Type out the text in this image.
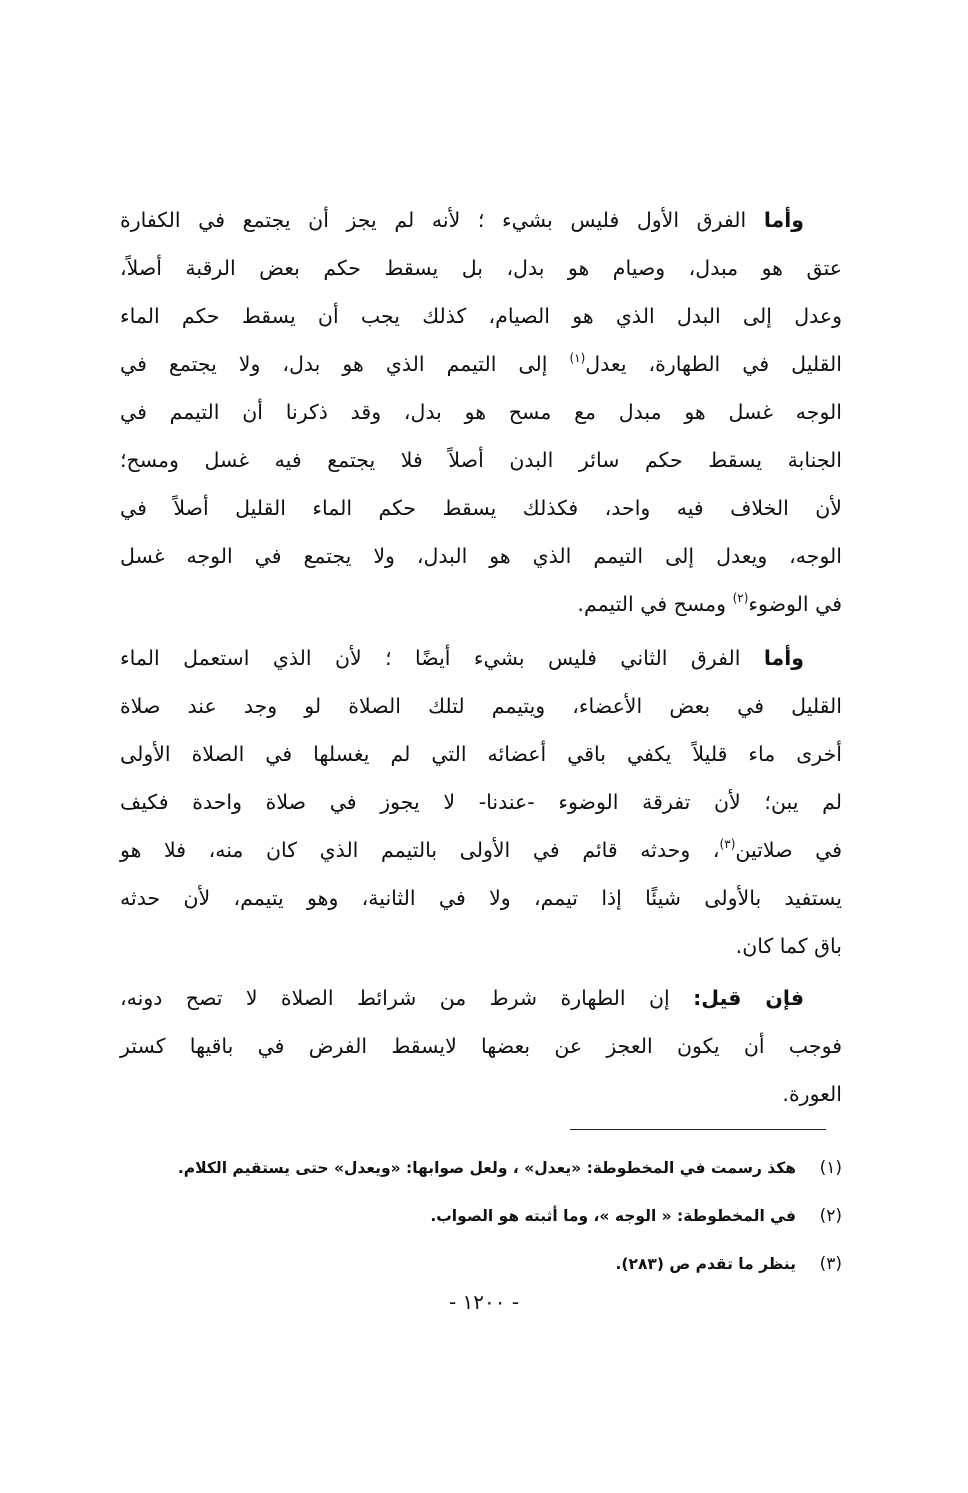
وأما الفرق الأول فليس بشيء ؛ لأنه لم يجز أن يجتمع في الكفارة
عتق هو مبدل، وصيام هو بدل، بل يسقط حكم بعض الرقبة أصلاً،
وعدل إلى البدل الذي هو الصيام، كذلك يجب أن يسقط حكم الماء
القليل في الطهارة، يعدل$^{(١)}$ إلى التيمم الذي هو بدل، ولا يجتمع في
الوجه غسل هو مبدل مع مسح هو بدل، وقد ذكرنا أن التيمم في
الجنابة يسقط حكم سائر البدن أصلاً فلا يجتمع فيه غسل ومسح؛
لأن الخلاف فيه واحد، فكذلك يسقط حكم الماء القليل أصلاً في
الوجه، ويعدل إلى التيمم الذي هو البدل، ولا يجتمع في الوجه غسل
في الوضوء$^{(٢)}$ ومسح في التيمم.
وأما الفرق الثاني فليس بشيء أيضًا ؛ لأن الذي استعمل الماء
القليل في بعض الأعضاء، ويتيمم لتلك الصلاة لو وجد عند صلاة
أخرى ماء قليلاً يكفي باقي أعضائه التي لم يغسلها في الصلاة الأولى
لم يبن؛ لأن تفرقة الوضوء -عندنا- لا يجوز في صلاة واحدة فكيف
في صلاتين$^{(٣)}$، وحدثه قائم في الأولى بالتيمم الذي كان منه، فلا هو
يستفيد بالأولى شيئًا إذا تيمم، ولا في الثانية، وهو يتيمم، لأن حدثه
باق كما كان.
فإن قيل: إن الطهارة شرط من شرائط الصلاة لا تصح دونه،
فوجب أن يكون العجز عن بعضها لايسقط الفرض في باقيها كستر
العورة.
(١)هكذ رسمت في المخطوطة: «يعدل» ، ولعل صوابها: «ويعدل» حتى يستقيم الكلام.
(٢)في المخطوطة: « الوجه »، وما أثبته هو الصواب.
(٣)ينظر ما تقدم ص (٢٨٣).
- ١٢٠٠ -
